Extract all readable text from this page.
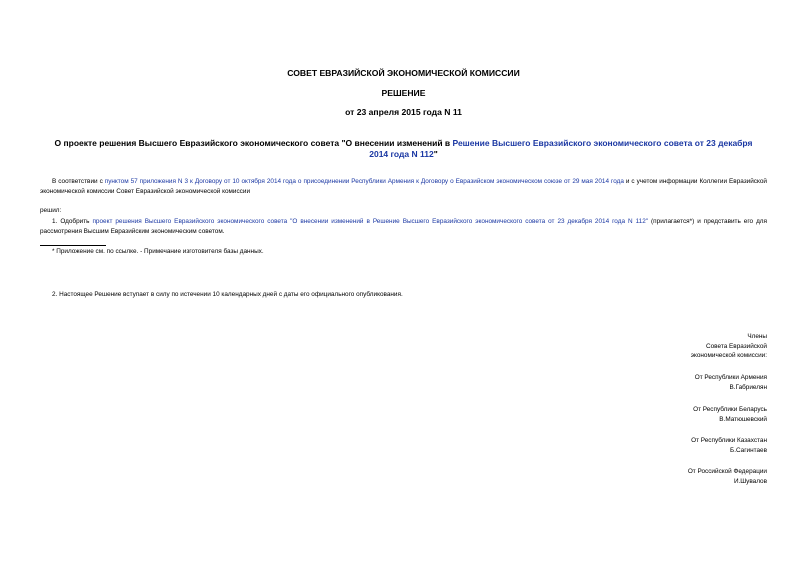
СОВЕТ ЕВРАЗИЙСКОЙ ЭКОНОМИЧЕСКОЙ КОМИССИИ
РЕШЕНИЕ
от 23 апреля 2015 года N 11
О проекте решения Высшего Евразийского экономического совета "О внесении изменений в Решение Высшего Евразийского экономического совета от 23 декабря 2014 года N 112"
В соответствии с пунктом 57 приложения N 3 к Договору от 10 октября 2014 года о присоединении Республики Армения к Договору о Евразийском экономическом союзе от 29 мая 2014 года и с учетом информации Коллегии Евразийской экономической комиссии Совет Евразийской экономической комиссии
решил:
1. Одобрить проект решения Высшего Евразийского экономического совета "О внесении изменений в Решение Высшего Евразийского экономического совета от 23 декабря 2014 года N 112" (прилагается*) и представить его для рассмотрения Высшим Евразийским экономическим советом.
* Приложение см. по ссылке. - Примечание изготовителя базы данных.
2. Настоящее Решение вступает в силу по истечении 10 календарных дней с даты его официального опубликования.
Члены
Совета Евразийской
экономической комиссии:
От Республики Армения
В.Габриелян
От Республики Беларусь
В.Матюшевский
От Республики Казахстан
Б.Сагинтаев
От Российской Федерации
И.Шувалов
